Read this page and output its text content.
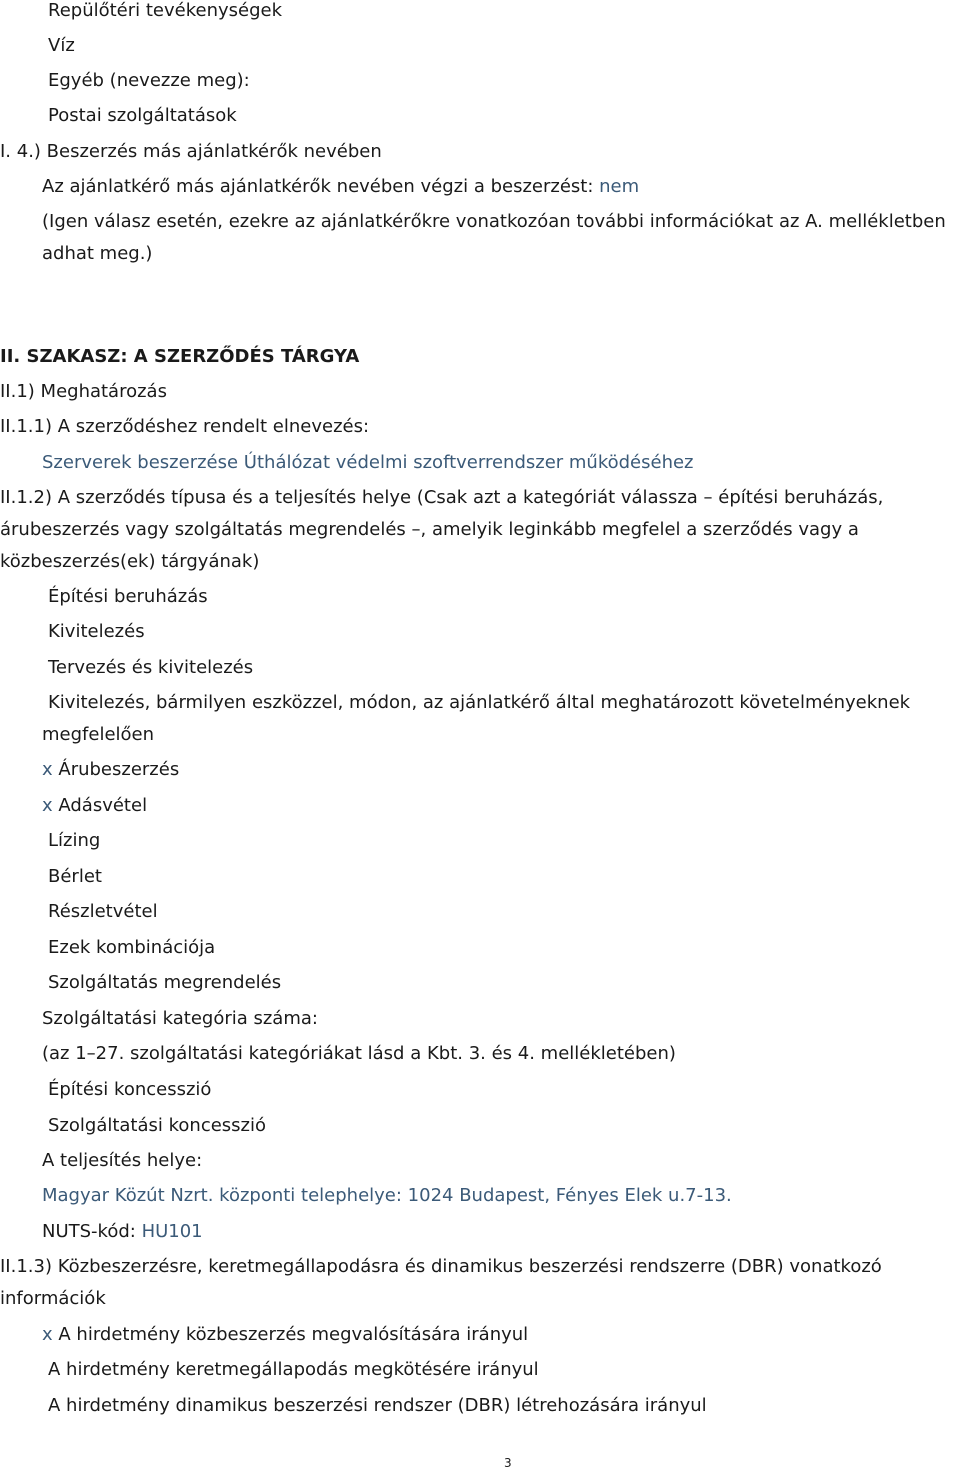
Repülőtéri tevékenységek
Víz
Egyéb (nevezze meg):
Postai szolgáltatások
I. 4.) Beszerzés más ajánlatkérők nevében
Az ajánlatkérő más ajánlatkérők nevében végzi a beszerzést: nem
(Igen válasz esetén, ezekre az ajánlatkérőkre vonatkozóan további információkat az A. mellékletben
adhat meg.)
II. SZAKASZ: A SZERZŐDÉS TÁRGYA
II.1) Meghatározás
II.1.1) A szerződéshez rendelt elnevezés:
Szerverek beszerzése Úthálózat védelmi szoftverrendszer működéséhez
II.1.2) A szerződés típusa és a teljesítés helye (Csak azt a kategóriát válassza – építési beruházás,
árubeszerzés vagy szolgáltatás megrendelés –, amelyik leginkább megfelel a szerződés vagy a
közbeszerzés(ek) tárgyának)
Építési beruházás
Kivitelezés
Tervezés és kivitelezés
Kivitelezés, bármilyen eszközzel, módon, az ajánlatkérő által meghatározott követelményeknek
megfelelően
x Árubeszerzés
x Adásvétel
Lízing
Bérlet
Részletvétel
Ezek kombinációja
Szolgáltatás megrendelés
Szolgáltatási kategória száma:
(az 1–27. szolgáltatási kategóriákat lásd a Kbt. 3. és 4. mellékletében)
Építési koncesszió
Szolgáltatási koncesszió
A teljesítés helye:
Magyar Közút Nzrt. központi telephelye: 1024 Budapest, Fényes Elek u.7-13.
NUTS-kód: HU101
II.1.3) Közbeszerzésre, keretmegállapodásra és dinamikus beszerzési rendszerre (DBR) vonatkozó
információk
x A hirdetmény közbeszerzés megvalósítására irányul
A hirdetmény keretmegállapodás megkötésére irányul
A hirdetmény dinamikus beszerzési rendszer (DBR) létrehozására irányul
3
